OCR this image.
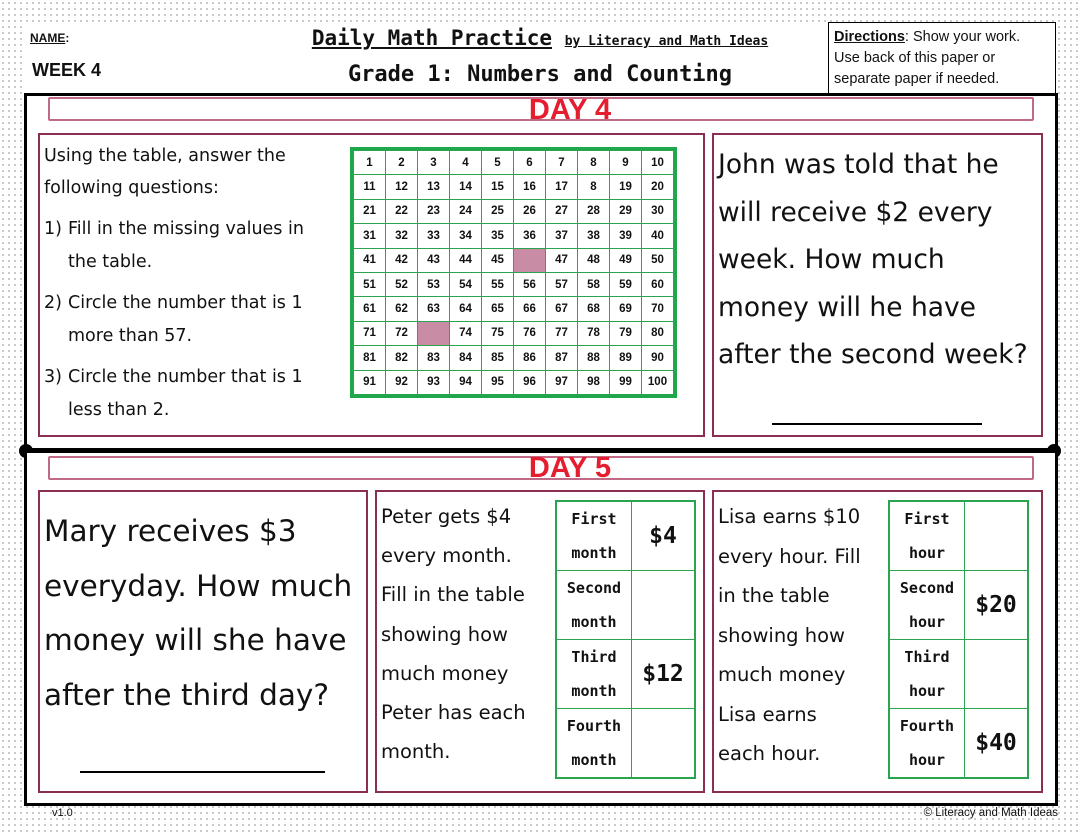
NAME:
WEEK 4
Daily Math Practice by Literacy and Math Ideas
Grade 1: Numbers and Counting
Directions: Show your work.
Use back of this paper or
separate paper if needed.
DAY 4
Using the table, answer the
following questions:
1) Fill in the missing values in
the table.
2) Circle the number that is 1
more than 57.
3) Circle the number that is 1
less than 2.
1	2	3	4	5	6	7	8	9	10
11	12	13	14	15	16	17	8	19	20
21	22	23	24	25	26	27	28	29	30
31	32	33	34	35	36	37	38	39	40
41	42	43	44	45		47	48	49	50
51	52	53	54	55	56	57	58	59	60
61	62	63	64	65	66	67	68	69	70
71	72		74	75	76	77	78	79	80
81	82	83	84	85	86	87	88	89	90
91	92	93	94	95	96	97	98	99	100
John was told that he
will receive $2 every
week. How much
money will he have
after the second week?
DAY 5
Mary receives $3
everyday. How much
money will she have
after the third day?
Peter gets $4
every month.
Fill in the table
showing how
much money
Peter has each
month.
First
month	$4

Second
month	

Third
month	$12

Fourth
month	

Lisa earns $10
every hour. Fill
in the table
showing how
much money
Lisa earns
each hour.
First
hour	

Second
hour	$20

Third
hour	

Fourth
hour	$40
v1.0	© Literacy and Math Ideas
